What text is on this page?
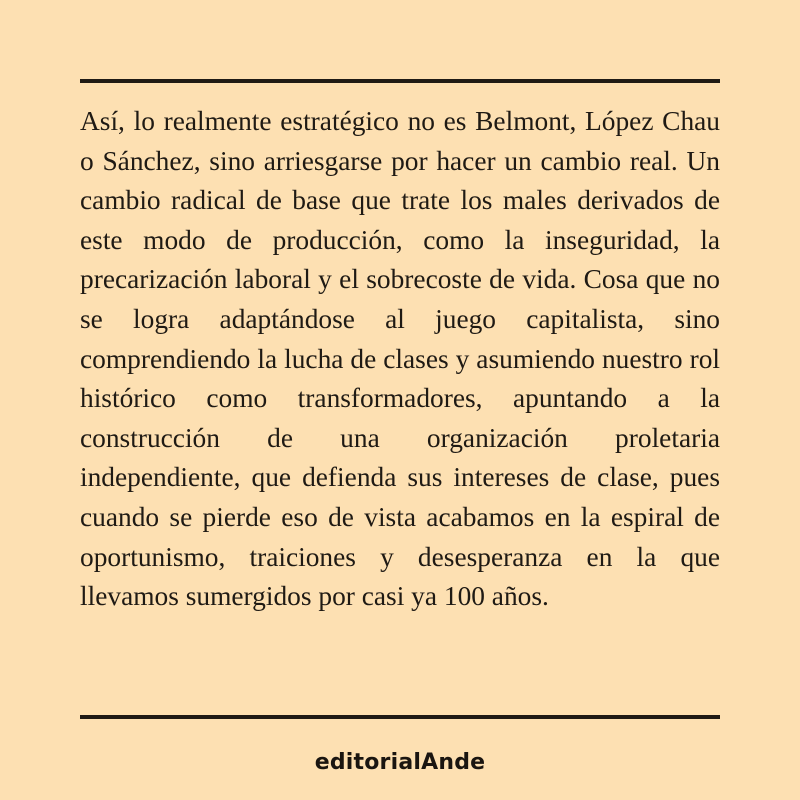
Así, lo realmente estratégico no es Belmont, López Chau o Sánchez, sino arriesgarse por hacer un cambio real. Un cambio radical de base que trate los males derivados de este modo de producción, como la inseguridad, la precarización laboral y el sobrecoste de vida. Cosa que no se logra adaptándose al juego capitalista, sino comprendiendo la lucha de clases y asumiendo nuestro rol histórico como transformadores, apuntando a la construcción de una organización proletaria independiente, que defienda sus intereses de clase, pues cuando se pierde eso de vista acabamos en la espiral de oportunismo, traiciones y desesperanza en la que llevamos sumergidos por casi ya 100 años.

editorialAnde
